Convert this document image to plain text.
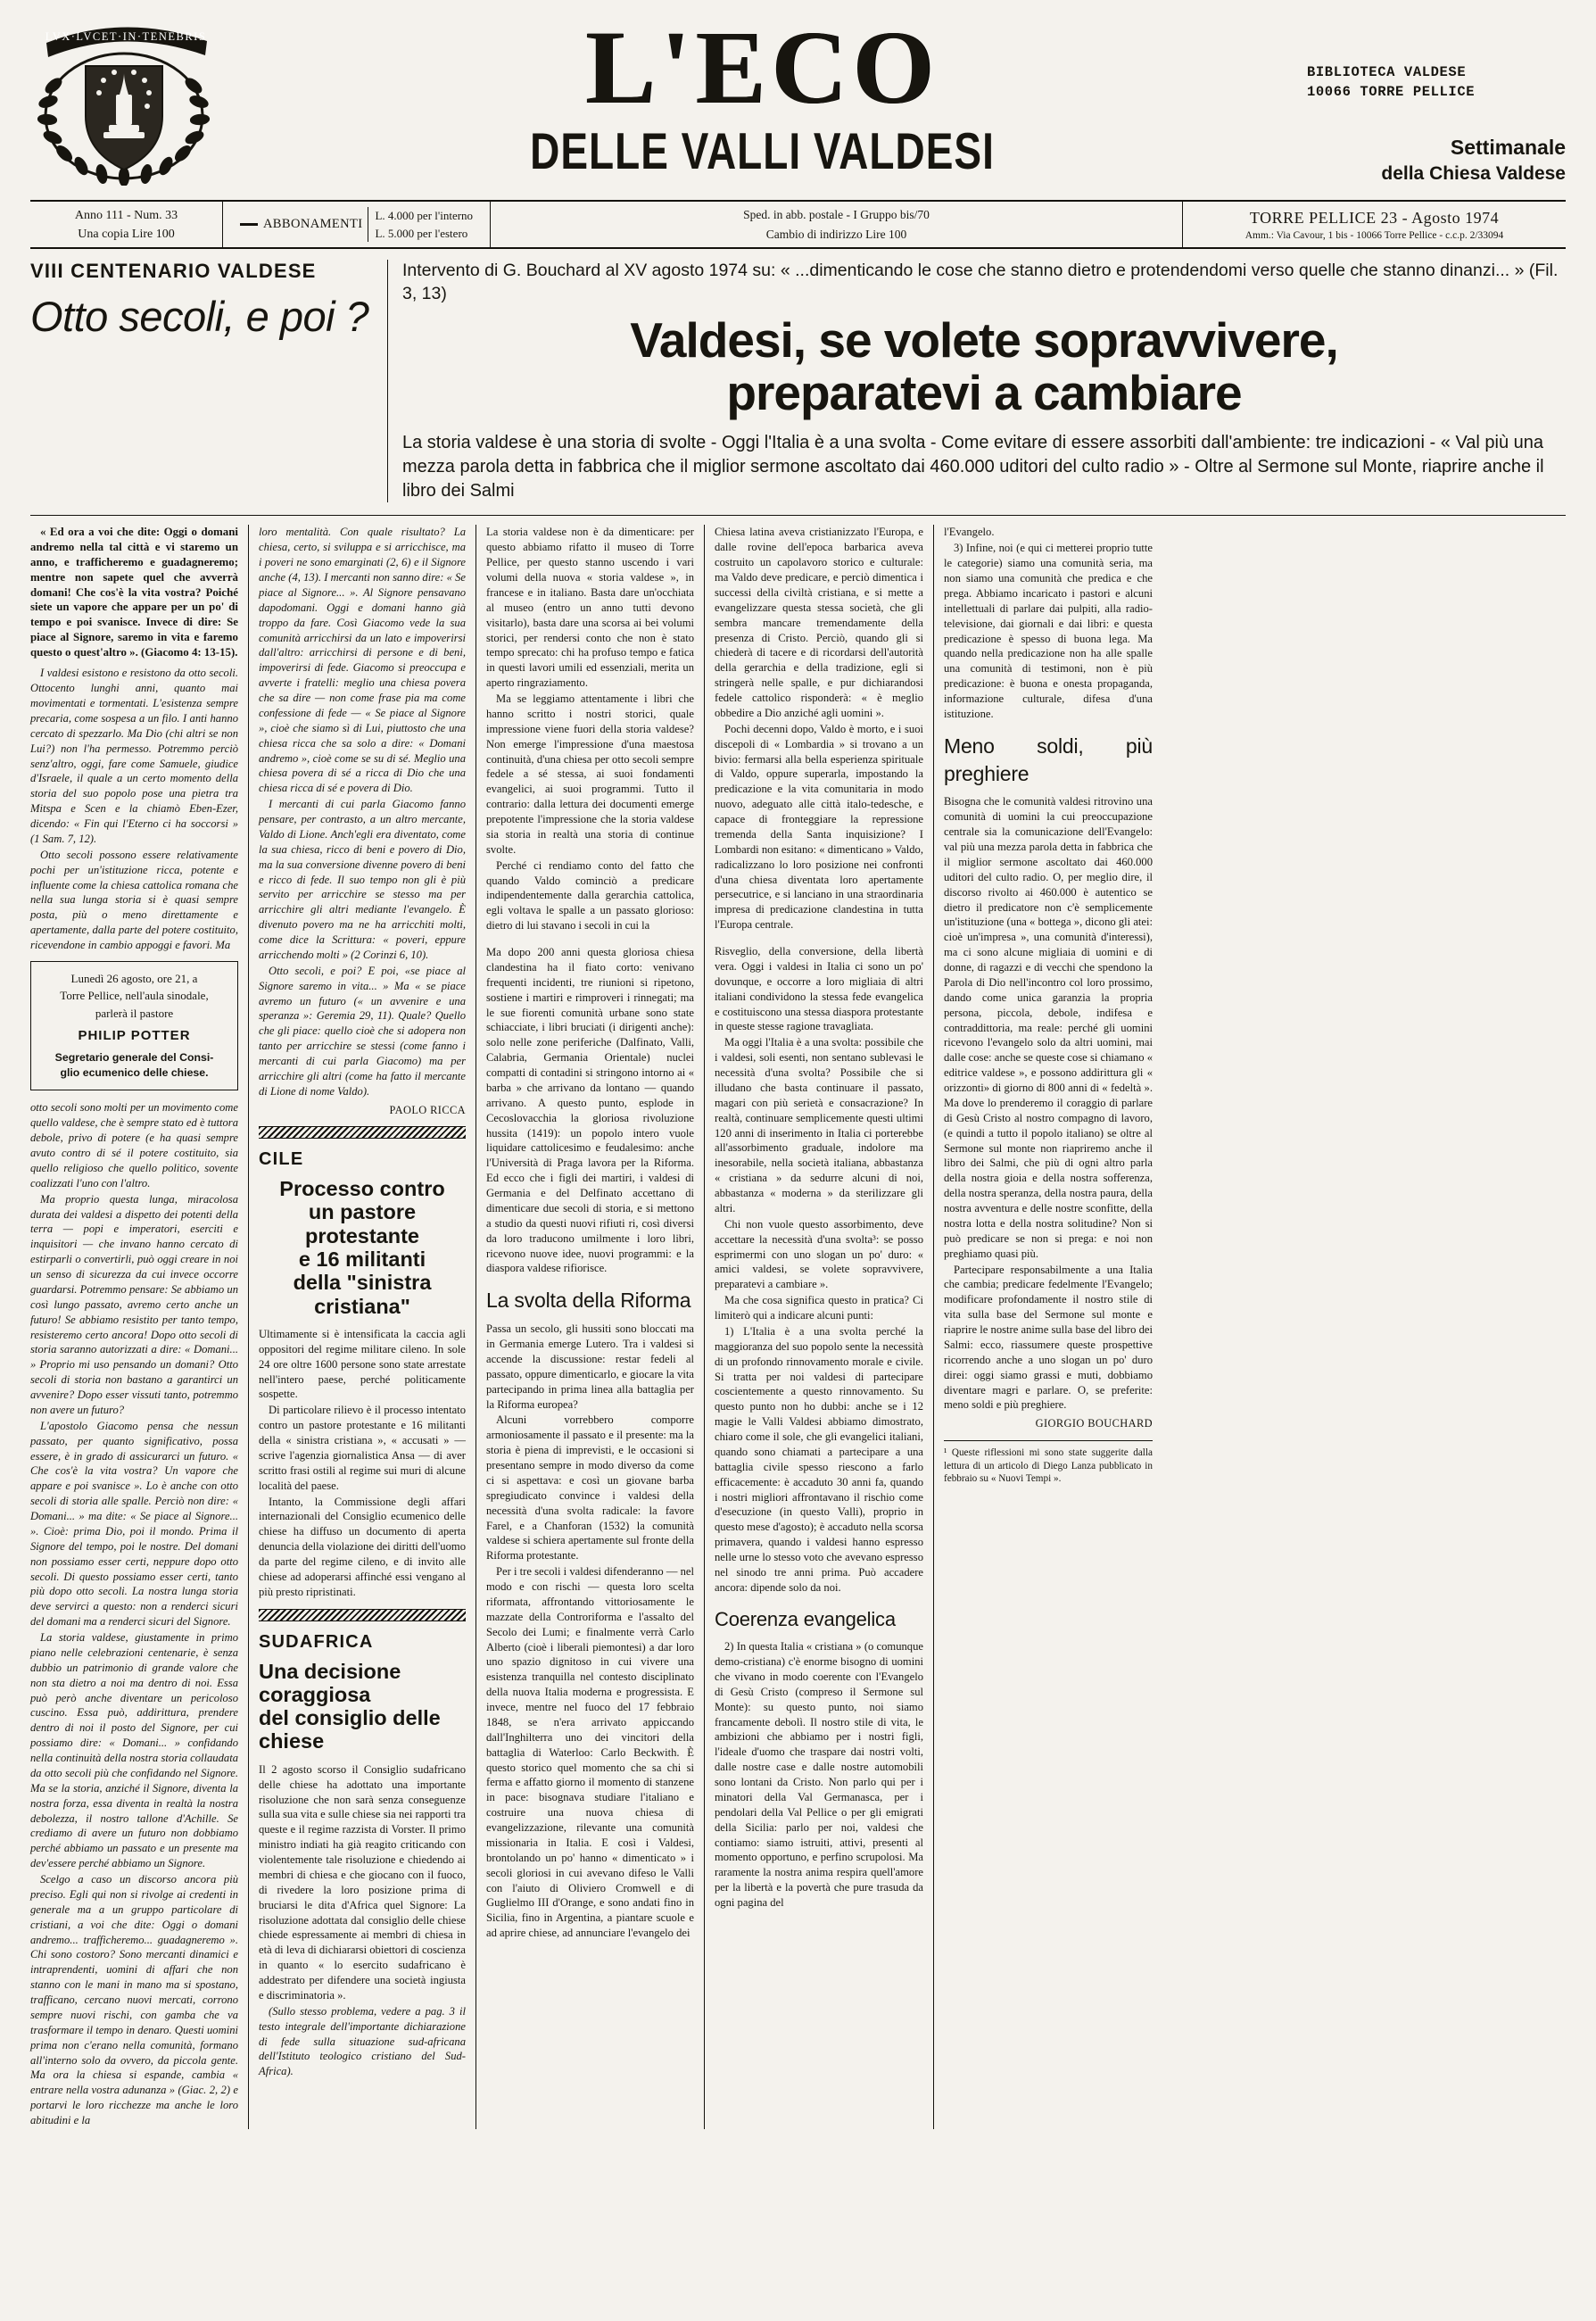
LVX·LVCET·IN·TENEBRIS	L'ECO
DELLE VALLI VALDESI
BIBLIOTECA VALDESE
10066 TORRE PELLICE
Settimanale
della Chiesa Valdese
Anno 111 - Num. 33
Una copia Lire 100
ABBONAMENTI
L. 4.000 per l'interno
L. 5.000 per l'estero
Sped. in abb. postale - I Gruppo bis/70
Cambio di indirizzo Lire 100
TORRE PELLICE 23 - Agosto 1974
Amm.: Via Cavour, 1 bis - 10066 Torre Pellice - c.c.p. 2/33094
VIII CENTENARIO VALDESE
Otto secoli, e poi ?
Intervento di G. Bouchard al XV agosto 1974 su: « ...dimenticando le cose che stanno dietro e protendendomi verso quelle che stanno dinanzi... » (Fil. 3, 13)
Valdesi, se volete sopravvivere,
preparatevi a cambiare
La storia valdese è una storia di svolte - Oggi l'Italia è a una svolta - Come evitare di essere assorbiti dall'ambiente: tre indicazioni - « Val più una mezza parola detta in fabbrica che il miglior sermone ascoltato dai 460.000 uditori del culto radio » - Oltre al Sermone sul Monte, riaprire anche il libro dei Salmi
« Ed ora a voi che dite: Oggi o domani andremo nella tal città e vi staremo un anno, e trafficheremo e guadagneremo; mentre non sapete quel che avverrà domani! Che cos'è la vita vostra? Poiché siete un vapore che appare per un po' di tempo e poi svanisce. Invece di dire: Se piace al Signore, saremo in vita e faremo questo o quest'altro ». (Giacomo 4: 13-15).

I valdesi esistono e resistono da otto secoli. Ottocento lunghi anni, quanto mai movimentati e tormentati. L'esistenza sempre precaria, come sospesa a un filo. I anti hanno cercato di spezzarlo. Ma Dio (chi altri se non Lui?) non l'ha permesso. Potremmo perciò senz'altro, oggi, fare come Samuele, giudice d'Israele, il quale a un certo momento della storia del suo popolo pose una pietra tra Mitspa e Scen e la chiamò Eben-Ezer, dicendo: « Fin qui l'Eterno ci ha soccorsi » (1 Sam. 7, 12).

Otto secoli possono essere relativamente pochi per un'istituzione ricca, potente e influente come la chiesa cattolica romana che nella sua lunga storia si è quasi sempre posta, più o meno direttamente e apertamente, dalla parte del potere costituito, ricevendone in cambio appoggi e favori. Ma

Lunedì 26 agosto, ore 21, a
Torre Pellice, nell'aula sinodale,
parlerà il pastore
PHILIP POTTER
Segretario generale del Consi-
glio ecumenico delle chiese.

otto secoli sono molti per un movimento come quello valdese, che è sempre stato ed è tuttora debole, privo di potere (e ha quasi sempre avuto contro di sé il potere costituito, sia quello religioso che quello politico, sovente coalizzati l'uno con l'altro.

Ma proprio questa lunga, miracolosa durata dei valdesi a dispetto dei potenti della terra — popi e imperatori, eserciti e inquisitori — che invano hanno cercato di estirparli o convertirli, può oggi creare in noi un senso di sicurezza da cui invece occorre guardarsi. Potremmo pensare: Se abbiamo un così lungo passato, avremo certo anche un futuro! Se abbiamo resistito per tanto tempo, resisteremo certo ancora! Dopo otto secoli di storia saranno autorizzati a dire: « Domani... » Proprio mi uso pensando un domani? Otto secoli di storia non bastano a garantirci un avvenire? Dopo esser vissuti tanto, potremmo non avere un futuro?

L'apostolo Giacomo pensa che nessun passato, per quanto significativo, possa essere, è in grado di assicurarci un futuro. « Che cos'è la vita vostra? Un vapore che appare e poi svanisce ». Lo è anche con otto secoli di storia alle spalle. Perciò non dire: « Domani... » ma dite: « Se piace al Signore... ». Cioè: prima Dio, poi il mondo. Prima il Signore del tempo, poi le nostre. Del domani non possiamo esser certi, neppure dopo otto secoli. Di questo possiamo esser certi, tanto più dopo otto secoli. La nostra lunga storia deve servirci a questo: non a renderci sicuri del domani ma a renderci sicuri del Signore.

La storia valdese, giustamente in primo piano nelle celebrazioni centenarie, è senza dubbio un patrimonio di grande valore che non sta dietro a noi ma dentro di noi. Essa può però anche diventare un pericoloso cuscino. Essa può, addirittura, prendere dentro di noi il posto del Signore, per cui possiamo dire: « Domani... » confidando nella continuità della nostra storia collaudata da otto secoli più che confidando nel Signore. Ma se la storia, anziché il Signore, diventa la nostra forza, essa diventa in realtà la nostra debolezza, il nostro tallone d'Achille. Se crediamo di avere un futuro non dobbiamo perché abbiamo un passato e un presente ma dev'essere perché abbiamo un Signore.

Scelgo a caso un discorso ancora più preciso. Egli qui non si rivolge ai credenti in generale ma a un gruppo particolare di cristiani, a voi che dite: Oggi o domani andremo... trafficheremo... guadagneremo ». Chi sono costoro? Sono mercanti dinamici e intraprendenti, uomini di affari che non stanno con le mani in mano ma si spostano, trafficano, cercano nuovi mercati, corrono sempre nuovi rischi, con gamba che va trasformare il tempo in denaro. Questi uomini prima non c'erano nella comunità, formano all'interno solo da ovvero, da piccola gente. Ma ora la chiesa si espande, cambia « entrare nella vostra adunanza » (Giac. 2, 2) e portarvi le loro ricchezze ma anche le loro abitudini e la

loro mentalità. Con quale risultato? La chiesa, certo, si sviluppa e si arricchisce, ma i poveri ne sono emarginati (2, 6) e il Signore anche (4, 13). I mercanti non sanno dire: « Se piace al Signore... ». Al Signore pensavano dapodomani. Oggi e domani hanno già troppo da fare. Così Giacomo vede la sua comunità arricchirsi da un lato e impoverirsi dall'altro: arricchirsi di persone e di beni, impoverirsi di fede. Giacomo si preoccupa e avverte i fratelli: meglio una chiesa povera che sa dire — non come frase pia ma come confessione di fede — « Se piace al Signore », cioè che siamo sì di Lui, piuttosto che una chiesa ricca che sa solo a dire: « Domani andremo », cioè come se su di sé. Meglio una chiesa povera di sé a ricca di Dio che una chiesa ricca di sé e povera di Dio.

I mercanti di cui parla Giacomo fanno pensare, per contrasto, a un altro mercante, Valdo di Lione. Anch'egli era diventato, come la sua chiesa, ricco di beni e povero di Dio, ma la sua conversione divenne povero di beni e ricco di fede. Il suo tempo non gli è più servito per arricchire se stesso ma per arricchire gli altri mediante l'evangelo. È divenuto povero ma ne ha arricchiti molti, come dice la Scrittura: « poveri, eppure arricchendo molti » (2 Corinzi 6, 10).

Otto secoli, e poi? E poi, «se piace al Signore saremo in vita... » Ma « se piace avremo un futuro (« un avvenire e una speranza »: Geremia 29, 11). Quale? Quello che gli piace: quello cioè che si adopera non tanto per arricchire se stessi (come fanno i mercanti di cui parla Giacomo) ma per arricchire gli altri (come ha fatto il mercante di Lione di nome Valdo).

PAOLO RICCA
CILE
Processo contro
un pastore protestante
e 16 militanti
della "sinistra cristiana"

Ultimamente si è intensificata la caccia agli oppositori del regime militare cileno. In sole 24 ore oltre 1600 persone sono state arrestate nell'intero paese, perché politicamente sospette.

Di particolare rilievo è il processo intentato contro un pastore protestante e 16 militanti della « sinistra cristiana », « accusati » — scrive l'agenzia giornalistica Ansa — di aver scritto frasi ostili al regime sui muri di alcune località del paese.

Intanto, la Commissione degli affari internazionali del Consiglio ecumenico delle chiese ha diffuso un documento di aperta denuncia della violazione dei diritti dell'uomo da parte del regime cileno, e di invito alle chiese ad adoperarsi affinché essi vengano al più presto ripristinati.

SUDAFRICA
Una decisione coraggiosa
del consiglio delle chiese

Il 2 agosto scorso il Consiglio sudafricano delle chiese ha adottato una importante risoluzione che non sarà senza conseguenze sulla sua vita e sulle chiese sia nei rapporti tra queste e il regime razzista di Vorster. Il primo ministro indiati ha già reagito criticando con violentemente tale risoluzione e chiedendo ai membri di chiesa e che giocano con il fuoco, di rivedere la loro posizione prima di bruciarsi le dita d'Africa quel Signore: La risoluzione adottata dal consiglio delle chiese chiede espressamente ai membri di chiesa in età di leva di dichiararsi obiettori di coscienza in quanto « lo esercito sudafricano è addestrato per difendere una società ingiusta e discriminatoria ».

(Sullo stesso problema, vedere a pag. 3 il testo integrale dell'importante dichiarazione di fede sulla situazione sud-africana dell'Istituto teologico cristiano del Sud-Africa).

La storia valdese non è da dimenticare: per questo abbiamo rifatto il museo di Torre Pellice, per questo stanno uscendo i vari volumi della nuova « storia valdese », in francese e in italiano. Basta dare un'occhiata al museo (entro un anno tutti devono visitarlo), basta dare una scorsa ai bei volumi storici, per rendersi conto che non è stato tempo sprecato: chi ha profuso tempo e fatica in questi lavori umili ed essenziali, merita un aperto ringraziamento.

Ma se leggiamo attentamente i libri che hanno scritto i nostri storici, quale impressione viene fuori della storia valdese? Non emerge l'impressione d'una maestosa continuità, d'una chiesa per otto secoli sempre fedele a sé stessa, ai suoi fondamenti evangelici, ai suoi programmi. Tutto il contrario: dalla lettura dei documenti emerge prepotente l'impressione che la storia valdese sia storia in realtà una storia di continue svolte.

Perché ci rendiamo conto del fatto che quando Valdo cominciò a predicare indipendentemente dalla gerarchia cattolica, egli voltava le spalle a un passato glorioso: dietro di lui stavano i secoli in cui la

Ma dopo 200 anni questa gloriosa chiesa clandestina ha il fiato corto: venivano frequenti incidenti, tre riunioni si ripetono, sostiene i martiri e rimproveri i rinnegati; ma le sue fiorenti comunità urbane sono state schiacciate, i libri bruciati (i dirigenti anche): solo nelle zone periferiche (Dalfinato, Valli, Calabria, Germania Orientale) nuclei compatti di contadini si stringono intorno ai « barba » che arrivano da lontano — quando arrivano. A questo punto, esplode in Cecoslovacchia la gloriosa rivoluzione hussita (1419): un popolo intero vuole liquidare cattolicesimo e feudalesimo: anche l'Università di Praga lavora per la Riforma. Ed ecco che i figli dei martiri, i valdesi di Germania e del Delfinato accettano di dimenticare due secoli di storia, e si mettono a studio da questi nuovi rifiuti ri, così diversi da loro traducono umilmente i loro libri, ricevono nuove idee, nuovi programmi: e la diaspora valdese rifiorisce.

La svolta della Riforma

Passa un secolo, gli hussiti sono bloccati ma in Germania emerge Lutero. Tra i valdesi si accende la discussione: restar fedeli al passato, oppure dimenticarlo, e giocare la vita partecipando in prima linea alla battaglia per la Riforma europea?

Alcuni vorrebbero comporre armoniosamente il passato e il presente: ma la storia è piena di imprevisti, e le occasioni si presentano sempre in modo diverso da come ci si aspettava: e così un giovane barba spregiudicato convince i valdesi della necessità d'una svolta radicale: la favore Farel, e a Chanforan (1532) la comunità valdese si schiera apertamente sul fronte della Riforma protestante.

Per i tre secoli i valdesi difenderanno — nel modo e con rischi — questa loro scelta riformata, affrontando vittoriosamente le mazzate della Controriforma e l'assalto del Secolo dei Lumi; e finalmente verrà Carlo Alberto (cioè i liberali piemontesi) a dar loro uno spazio dignitoso in cui vivere una esistenza tranquilla nel contesto disciplinato della nuova Italia moderna e progressista. E invece, mentre nel fuoco del 17 febbraio 1848, se n'era arrivato appiccando dall'Inghilterra uno dei vincitori della battaglia di Waterloo: Carlo Beckwith. È questo storico quel momento che sa chi si ferma e affatto giorno il momento di stanzene in pace: bisognava studiare l'italiano e costruire una nuova chiesa di evangelizzazione, rilevante una comunità missionaria in Italia. E così i Valdesi, brontolando un po' hanno « dimenticato » i secoli gloriosi in cui avevano difeso le Valli con l'aiuto di Oliviero Cromwell e di Guglielmo III d'Orange, e sono andati fino in Sicilia, fino in Argentina, a piantare scuole e ad aprire chiese, ad annunciare l'evangelo dei

Chiesa latina aveva cristianizzato l'Europa, e dalle rovine dell'epoca barbarica aveva costruito un capolavoro storico e culturale: ma Valdo deve predicare, e perciò dimentica i successi della civiltà cristiana, e si mette a evangelizzare questa stessa società, che gli sembra mancare tremendamente della presenza di Cristo. Perciò, quando gli si chiederà di tacere e di ricordarsi dell'autorità della gerarchia e della tradizione, egli si stringerà nelle spalle, e pur dichiarandosi fedele cattolico risponderà: « è meglio obbedire a Dio anziché agli uomini ».

Pochi decenni dopo, Valdo è morto, e i suoi discepoli di « Lombardia » si trovano a un bivio: fermarsi alla bella esperienza spirituale di Valdo, oppure superarla, impostando la predicazione e la vita comunitaria in modo nuovo, adeguato alle città italo-tedesche, e capace di fronteggiare la repressione tremenda della Santa inquisizione? I Lombardi non esitano: « dimenticano » Valdo, radicalizzano lo loro posizione nei confronti d'una chiesa diventata loro apertamente persecutrice, e si lanciano in una straordinaria impresa di predicazione clandestina in tutta l'Europa centrale.

Risveglio, della conversione, della libertà vera. Oggi i valdesi in Italia ci sono un po' dovunque, e occorre a loro migliaia di altri italiani condividono la stessa fede evangelica e costituiscono una stessa diaspora protestante in queste stesse ragione travagliata.

Ma oggi l'Italia è a una svolta: possibile che i valdesi, soli esenti, non sentano sublevasi le necessità d'una svolta? Possibile che si illudano che basta continuare il passato, magari con più serietà e consacrazione? In realtà, continuare semplicemente questi ultimi 120 anni di inserimento in Italia ci porterebbe all'assorbimento graduale, indolore ma inesorabile, nella società italiana, abbastanza « cristiana » da sedurre alcuni di noi, abbastanza « moderna » da sterilizzare gli altri.

Chi non vuole questo assorbimento, deve accettare la necessità d'una svolta³: se posso esprimermi con uno slogan un po' duro: « amici valdesi, se volete sopravvivere, preparatevi a cambiare ».

Ma che cosa significa questo in pratica? Ci limiterò qui a indicare alcuni punti:

1) L'Italia è a una svolta perché la maggioranza del suo popolo sente la necessità di un profondo rinnovamento morale e civile. Si tratta per noi valdesi di partecipare coscientemente a questo rinnovamento. Su questo punto non ho dubbi: anche se i 12 magie le Valli Valdesi abbiamo dimostrato, chiaro come il sole, che gli evangelici italiani, quando sono chiamati a partecipare a una battaglia civile spesso riescono a farlo efficacemente: è accaduto 30 anni fa, quando i nostri migliori affrontavano il rischio come d'esecuzione (in questo Valli), proprio in questo mese d'agosto); è accaduto nella scorsa primavera, quando i valdesi hanno espresso nelle urne lo stesso voto che avevano espresso nel sinodo tre anni prima. Può accadere ancora: dipende solo da noi.

Coerenza evangelica

2) In questa Italia « cristiana » (o comunque demo-cristiana) c'è enorme bisogno di uomini che vivano in modo coerente con l'Evangelo di Gesù Cristo (compreso il Sermone sul Monte): su questo punto, noi siamo francamente debolì. Il nostro stile di vita, le ambizioni che abbiamo per i nostri figli, l'ideale d'uomo che traspare dai nostri volti, dalle nostre case e dalle nostre automobili sono lontani da Cristo. Non parlo qui per i minatori della Val Germanasca, per i pendolari della Val Pellice o per gli emigrati della Sicilia: parlo per noi, valdesi che contiamo: siamo istruiti, attivi, presenti al momento opportuno, e perfino scrupolosi. Ma raramente la nostra anima respira quell'amore per la libertà e la povertà che pure trasuda da ogni pagina del

l'Evangelo.

3) Infine, noi (e qui ci metterei proprio tutte le categorie) siamo una comunità seria, ma non siamo una comunità che predica e che prega. Abbiamo incaricato i pastori e alcuni intellettuali di parlare dai pulpiti, alla radio-televisione, dai giornali e dai libri: e questa predicazione è spesso di buona lega. Ma quando nella predicazione non ha alle spalle una comunità di testimoni, non è più predicazione: è buona e onesta propaganda, informazione culturale, difesa d'una istituzione.

Meno soldi, più preghiere

Bisogna che le comunità valdesi ritrovino una comunità di uomini la cui preoccupazione centrale sia la comunicazione dell'Evangelo: val più una mezza parola detta in fabbrica che il miglior sermone ascoltato dai 460.000 uditori del culto radio. O, per meglio dire, il discorso rivolto ai 460.000 è autentico se dietro il predicatore non c'è semplicemente un'istituzione (una « bottega », dicono gli atei: cioè un'impresa », una comunità d'interessi), ma ci sono alcune migliaia di uomini e di donne, di ragazzi e di vecchi che spendono la Parola di Dio nell'incontro col loro prossimo, dando come unica garanzia la propria persona, piccola, debole, indifesa e contraddittoria, ma reale: perché gli uomini ricevono l'evangelo solo da altri uomini, mai dalle cose: anche se queste cose si chiamano « editrice valdese », e possono addirittura gli « orizzonti» di giorno di 800 anni di « fedeltà ». Ma dove lo prenderemo il coraggio di parlare di Gesù Cristo al nostro compagno di lavoro, (e quindi a tutto il popolo italiano) se oltre al Sermone sul monte non riapriremo anche il libro dei Salmi, che più di ogni altro parla della nostra gioia e della nostra sofferenza, della nostra speranza, della nostra paura, della nostra avventura e delle nostre sconfitte, della nostra lotta e della nostra solitudine? Non si può predicare se non si prega: e noi non preghiamo quasi più.

Partecipare responsabilmente a una Italia che cambia; predicare fedelmente l'Evangelo; modificare profondamente il nostro stile di vita sulla base del Sermone sul monte e riaprire le nostre anime sulla base del libro dei Salmi: ecco, riassumere queste prospettive ricorrendo anche a uno slogan un po' duro direi: oggi siamo grassi e muti, dobbiamo diventare magri e parlare. O, se preferite: meno soldi e più preghiere.

GIORGIO BOUCHARD
¹ Queste riflessioni mi sono state suggerite dalla lettura di un articolo di Diego Lanza pubblicato in febbraio su « Nuovi Tempi ».
